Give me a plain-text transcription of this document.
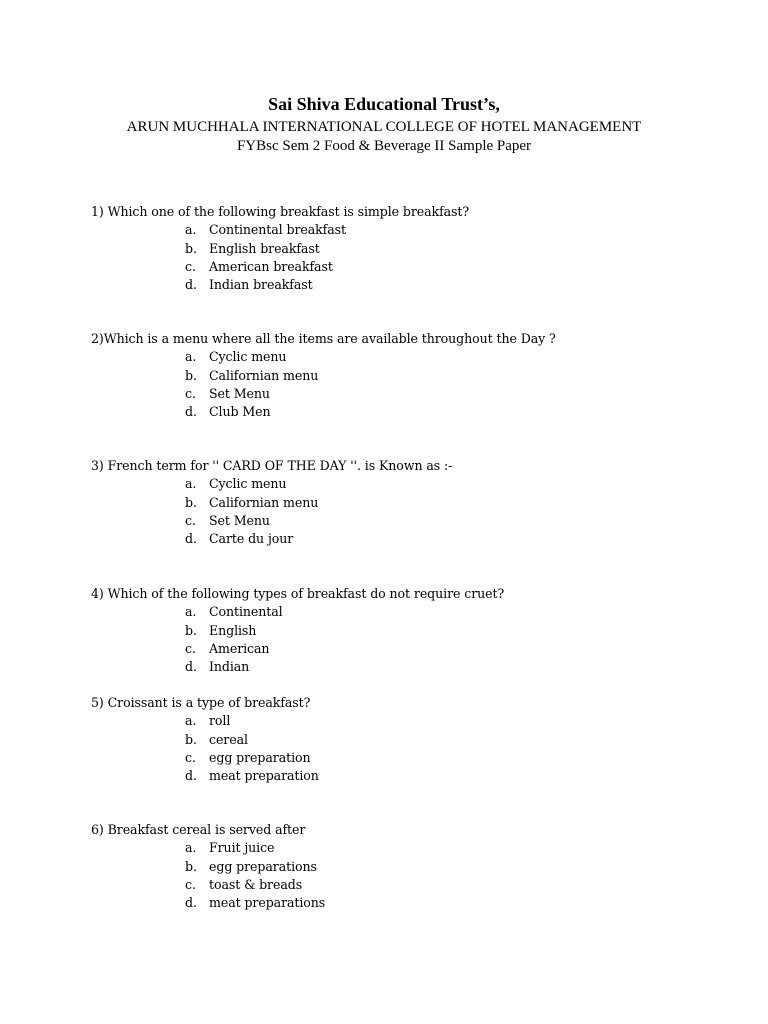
Sai Shiva Educational Trust’s,
ARUN MUCHHALA INTERNATIONAL COLLEGE OF HOTEL MANAGEMENT
FYBsc Sem 2 Food & Beverage II Sample Paper
1) Which one of the following breakfast is simple breakfast?
a. Continental breakfast
b. English breakfast
c. American breakfast
d. Indian breakfast
2)Which is a menu where all the items are available throughout the Day ?
a. Cyclic menu
b. Californian menu
c. Set Menu
d. Club Men
3) French term for '' CARD OF THE DAY ''. is Known as :-
a. Cyclic menu
b. Californian menu
c. Set Menu
d. Carte du jour
4) Which of the following types of breakfast do not require cruet?
a. Continental
b. English
c. American
d. Indian
5) Croissant is a type of breakfast?
a. roll
b. cereal
c. egg preparation
d. meat preparation
6) Breakfast cereal is served after
a. Fruit juice
b. egg preparations
c. toast & breads
d. meat preparations
